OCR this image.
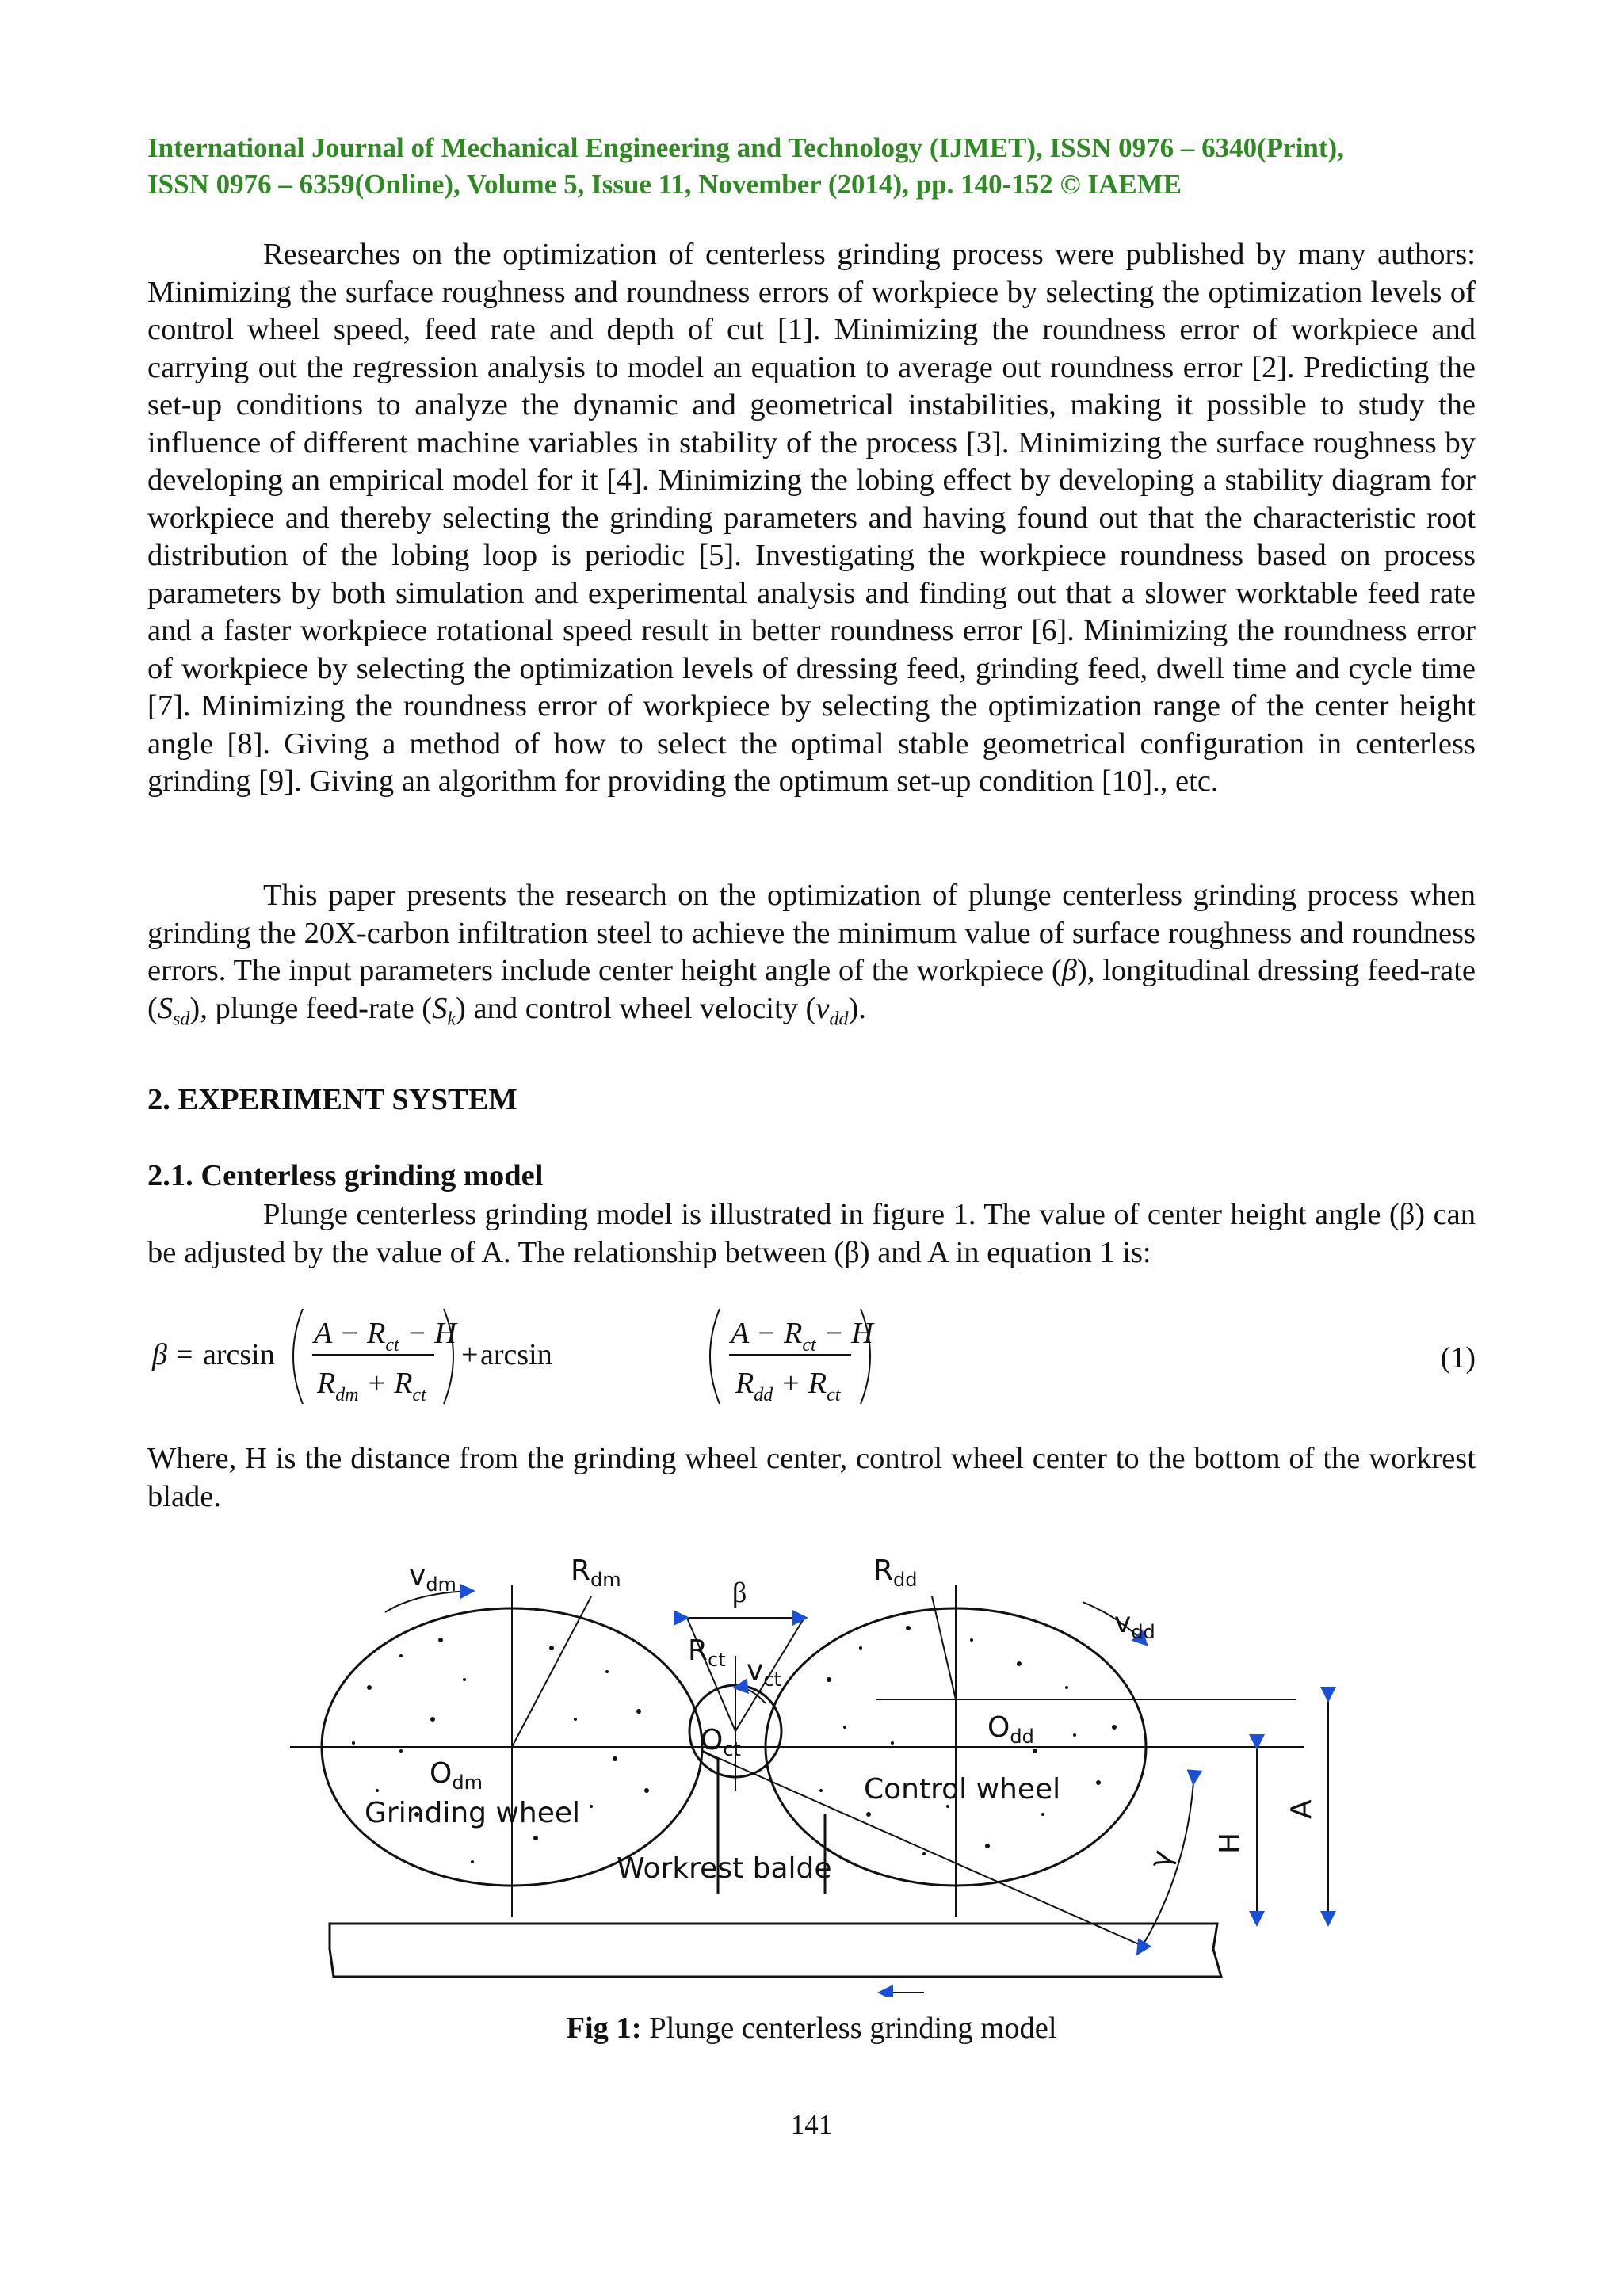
International Journal of Mechanical Engineering and Technology (IJMET), ISSN 0976 – 6340(Print),
ISSN 0976 – 6359(Online), Volume 5, Issue 11, November (2014), pp. 140-152 © IAEME

Researches on the optimization of centerless grinding process were published by many authors: Minimizing the surface roughness and roundness errors of workpiece by selecting the optimization levels of control wheel speed, feed rate and depth of cut [1]. Minimizing the roundness error of workpiece and carrying out the regression analysis to model an equation to average out roundness error [2]. Predicting the set-up conditions to analyze the dynamic and geometrical instabilities, making it possible to study the influence of different machine variables in stability of the process [3]. Minimizing the surface roughness by developing an empirical model for it [4]. Minimizing the lobing effect by developing a stability diagram for workpiece and thereby selecting the grinding parameters and having found out that the characteristic root distribution of the lobing loop is periodic [5]. Investigating the workpiece roundness based on process parameters by both simulation and experimental analysis and finding out that a slower worktable feed rate and a faster workpiece rotational speed result in better roundness error [6]. Minimizing the roundness error of workpiece by selecting the optimization levels of dressing feed, grinding feed, dwell time and cycle time [7]. Minimizing the roundness error of workpiece by selecting the optimization range of the center height angle [8]. Giving a method of how to select the optimal stable geometrical configuration in centerless grinding [9]. Giving an algorithm for providing the optimum set-up condition [10]., etc.

This paper presents the research on the optimization of plunge centerless grinding process when grinding the 20X-carbon infiltration steel to achieve the minimum value of surface roughness and roundness errors. The input parameters include center height angle of the workpiece (β), longitudinal dressing feed-rate $(S_{sd})$, plunge feed-rate $(S_k)$ and control wheel velocity $(v_{dd})$.

2. EXPERIMENT SYSTEM
2.1. Centerless grinding model

Plunge centerless grinding model is illustrated in figure 1. The value of center height angle (β) can be adjusted by the value of A. The relationship between (β) and A in equation 1 is:

β = arcsin
$A - R_{ct} - H$
$R_{dm} + R_{ct}$
+ arcsin
$A - R_{ct} - H$
$R_{dd} + R_{ct}$
(1)

Where, H is the distance from the grinding wheel center, control wheel center to the bottom of the workrest blade.

$v_{dm}$	$R_{dm}$	β
$R_{dd}$
$v_{dd}$
$R_{ct}$ $v_{ct}$
$O_{ct}$
$O_{dm}$
$O_{dd}$
Grinding wheel
Control wheel
Workrest balde	γ
H
A
Fig 1: Plunge centerless grinding model
141
